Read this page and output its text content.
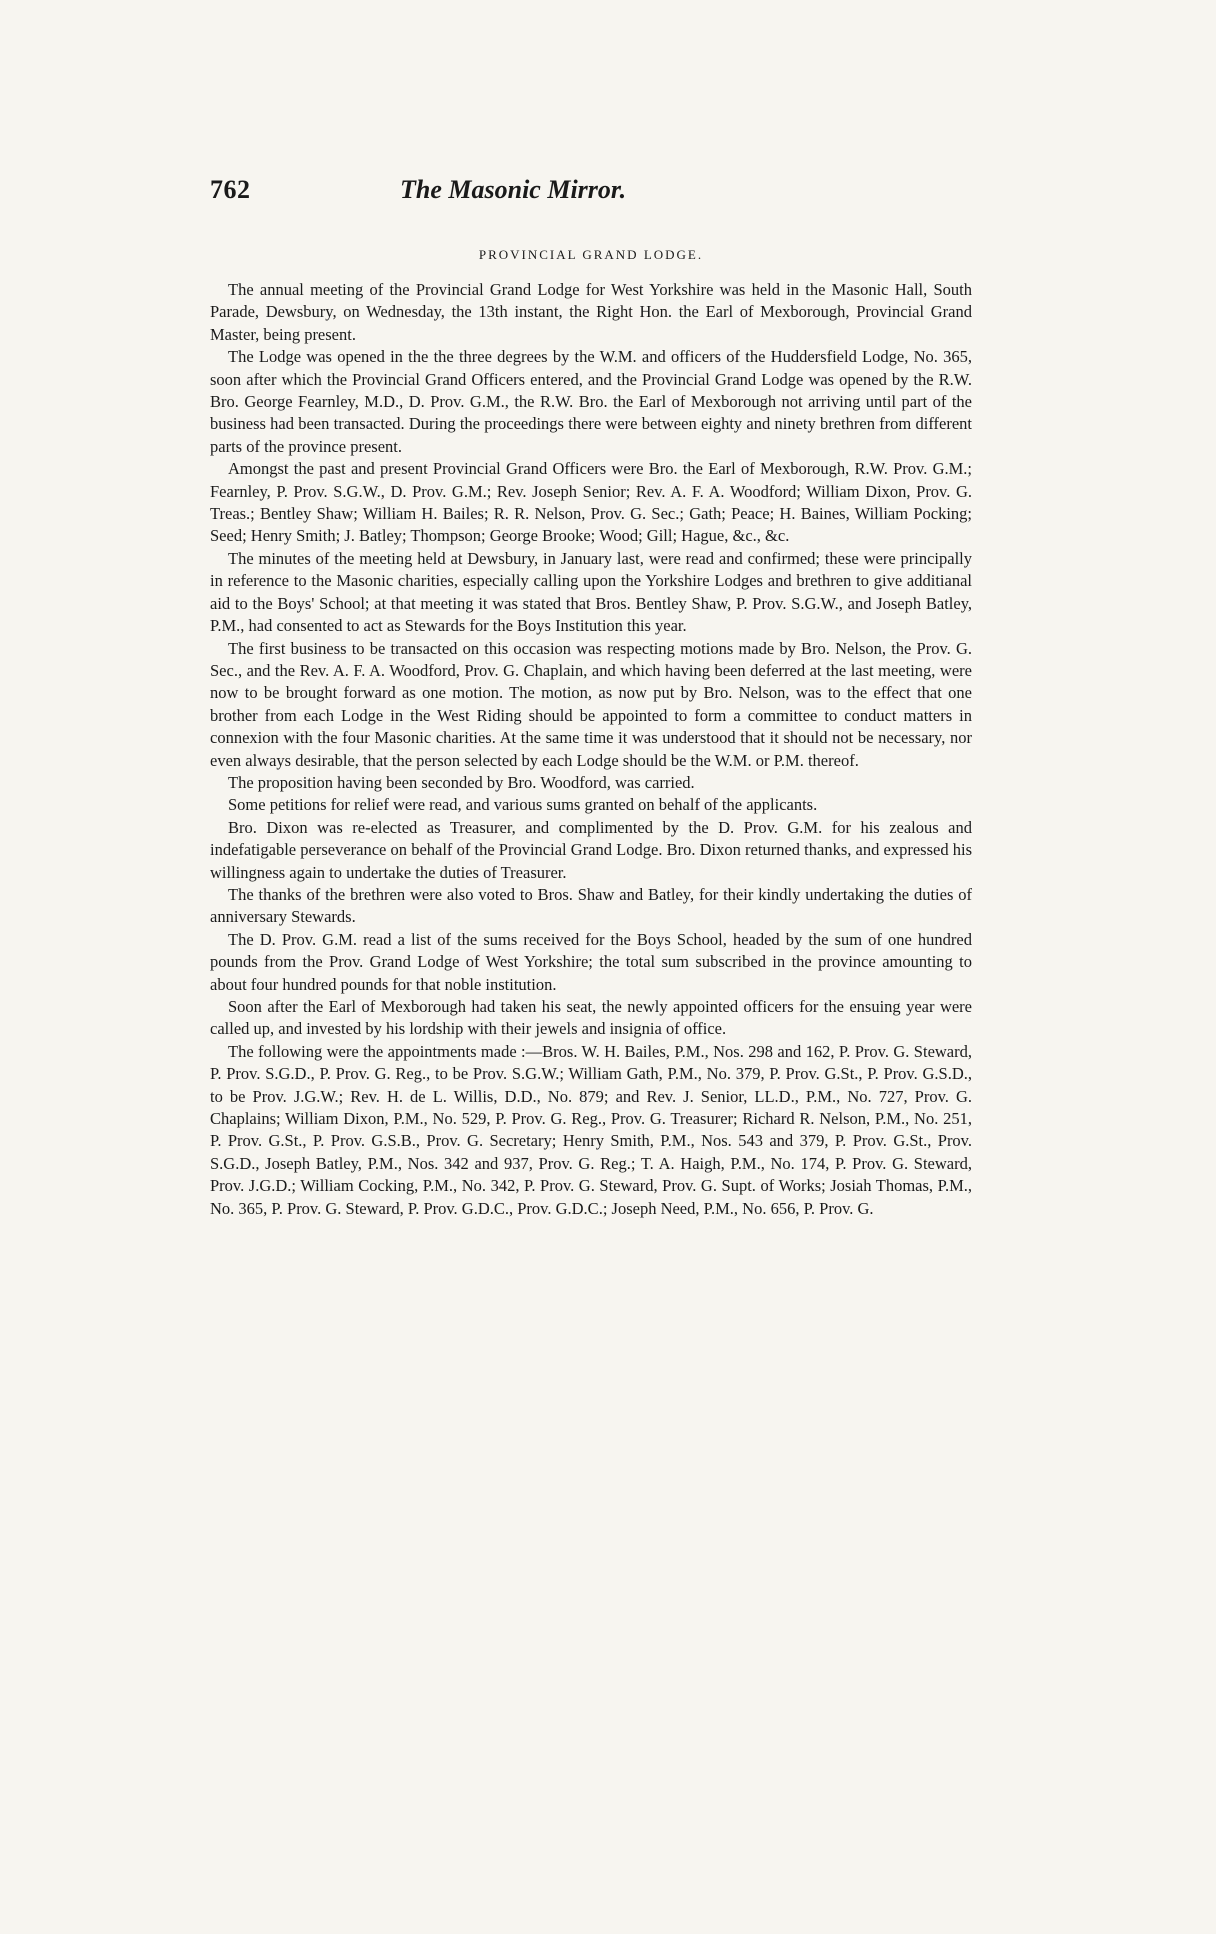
762	The Masonic Mirror.
PROVINCIAL GRAND LODGE.

The annual meeting of the Provincial Grand Lodge for West Yorkshire was held in the Masonic Hall, South Parade, Dewsbury, on Wednesday, the 13th instant, the Right Hon. the Earl of Mexborough, Provincial Grand Master, being present.

The Lodge was opened in the the three degrees by the W.M. and officers of the Huddersfield Lodge, No. 365, soon after which the Provincial Grand Officers entered, and the Provincial Grand Lodge was opened by the R.W. Bro. George Fearnley, M.D., D. Prov. G.M., the R.W. Bro. the Earl of Mexborough not arriving until part of the business had been transacted. During the proceedings there were between eighty and ninety brethren from different parts of the province present.

Amongst the past and present Provincial Grand Officers were Bro. the Earl of Mexborough, R.W. Prov. G.M.; Fearnley, P. Prov. S.G.W., D. Prov. G.M.; Rev. Joseph Senior; Rev. A. F. A. Woodford; William Dixon, Prov. G. Treas.; Bentley Shaw; William H. Bailes; R. R. Nelson, Prov. G. Sec.; Gath; Peace; H. Baines, William Pocking; Seed; Henry Smith; J. Batley; Thompson; George Brooke; Wood; Gill; Hague, &c., &c.

The minutes of the meeting held at Dewsbury, in January last, were read and confirmed; these were principally in reference to the Masonic charities, especially calling upon the Yorkshire Lodges and brethren to give additianal aid to the Boys' School; at that meeting it was stated that Bros. Bentley Shaw, P. Prov. S.G.W., and Joseph Batley, P.M., had consented to act as Stewards for the Boys Institution this year.

The first business to be transacted on this occasion was respecting motions made by Bro. Nelson, the Prov. G. Sec., and the Rev. A. F. A. Woodford, Prov. G. Chaplain, and which having been deferred at the last meeting, were now to be brought forward as one motion. The motion, as now put by Bro. Nelson, was to the effect that one brother from each Lodge in the West Riding should be appointed to form a committee to conduct matters in connexion with the four Masonic charities. At the same time it was understood that it should not be necessary, nor even always desirable, that the person selected by each Lodge should be the W.M. or P.M. thereof.

The proposition having been seconded by Bro. Woodford, was carried.

Some petitions for relief were read, and various sums granted on behalf of the applicants.

Bro. Dixon was re-elected as Treasurer, and complimented by the D. Prov. G.M. for his zealous and indefatigable perseverance on behalf of the Provincial Grand Lodge. Bro. Dixon returned thanks, and expressed his willingness again to undertake the duties of Treasurer.

The thanks of the brethren were also voted to Bros. Shaw and Batley, for their kindly undertaking the duties of anniversary Stewards.

The D. Prov. G.M. read a list of the sums received for the Boys School, headed by the sum of one hundred pounds from the Prov. Grand Lodge of West Yorkshire; the total sum subscribed in the province amounting to about four hundred pounds for that noble institution.

Soon after the Earl of Mexborough had taken his seat, the newly appointed officers for the ensuing year were called up, and invested by his lordship with their jewels and insignia of office.

The following were the appointments made :—Bros. W. H. Bailes, P.M., Nos. 298 and 162, P. Prov. G. Steward, P. Prov. S.G.D., P. Prov. G. Reg., to be Prov. S.G.W.; William Gath, P.M., No. 379, P. Prov. G.St., P. Prov. G.S.D., to be Prov. J.G.W.; Rev. H. de L. Willis, D.D., No. 879; and Rev. J. Senior, LL.D., P.M., No. 727, Prov. G. Chaplains; William Dixon, P.M., No. 529, P. Prov. G. Reg., Prov. G. Treasurer; Richard R. Nelson, P.M., No. 251, P. Prov. G.St., P. Prov. G.S.B., Prov. G. Secretary; Henry Smith, P.M., Nos. 543 and 379, P. Prov. G.St., Prov. S.G.D., Joseph Batley, P.M., Nos. 342 and 937, Prov. G. Reg.; T. A. Haigh, P.M., No. 174, P. Prov. G. Steward, Prov. J.G.D.; William Cocking, P.M., No. 342, P. Prov. G. Steward, Prov. G. Supt. of Works; Josiah Thomas, P.M., No. 365, P. Prov. G. Steward, P. Prov. G.D.C., Prov. G.D.C.; Joseph Need, P.M., No. 656, P. Prov. G.
